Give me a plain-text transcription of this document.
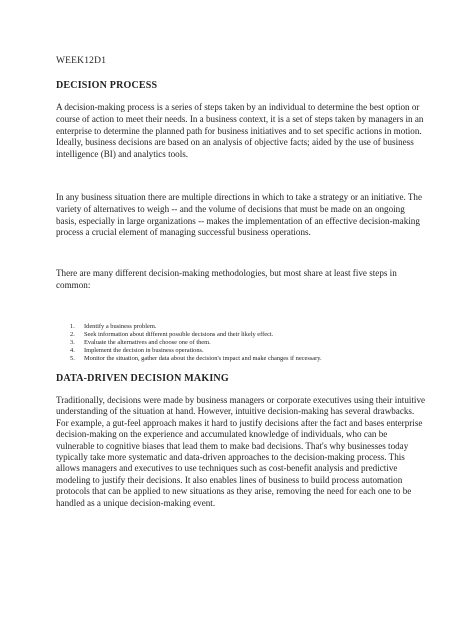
WEEK12D1

DECISION PROCESS

A decision-making process is a series of steps taken by an individual to determine the best option or course of action to meet their needs. In a business context, it is a set of steps taken by managers in an enterprise to determine the planned path for business initiatives and to set specific actions in motion. Ideally, business decisions are based on an analysis of objective facts; aided by the use of business intelligence (BI) and analytics tools.

In any business situation there are multiple directions in which to take a strategy or an initiative. The variety of alternatives to weigh -- and the volume of decisions that must be made on an ongoing basis, especially in large organizations -- makes the implementation of an effective decision-making process a crucial element of managing successful business operations.

There are many different decision-making methodologies, but most share at least five steps in common:

1.	Identify a business problem.
2.	Seek information about different possible decisions and their likely effect.
3.	Evaluate the alternatives and choose one of them.
4.	Implement the decision in business operations.
5.	Monitor the situation, gather data about the decision's impact and make changes if necessary.

DATA-DRIVEN DECISION MAKING

Traditionally, decisions were made by business managers or corporate executives using their intuitive understanding of the situation at hand. However, intuitive decision-making has several drawbacks. For example, a gut-feel approach makes it hard to justify decisions after the fact and bases enterprise decision-making on the experience and accumulated knowledge of individuals, who can be vulnerable to cognitive biases that lead them to make bad decisions. That's why businesses today typically take more systematic and data-driven approaches to the decision-making process. This allows managers and executives to use techniques such as cost-benefit analysis and predictive modeling to justify their decisions. It also enables lines of business to build process automation protocols that can be applied to new situations as they arise, removing the need for each one to be handled as a unique decision-making event.
